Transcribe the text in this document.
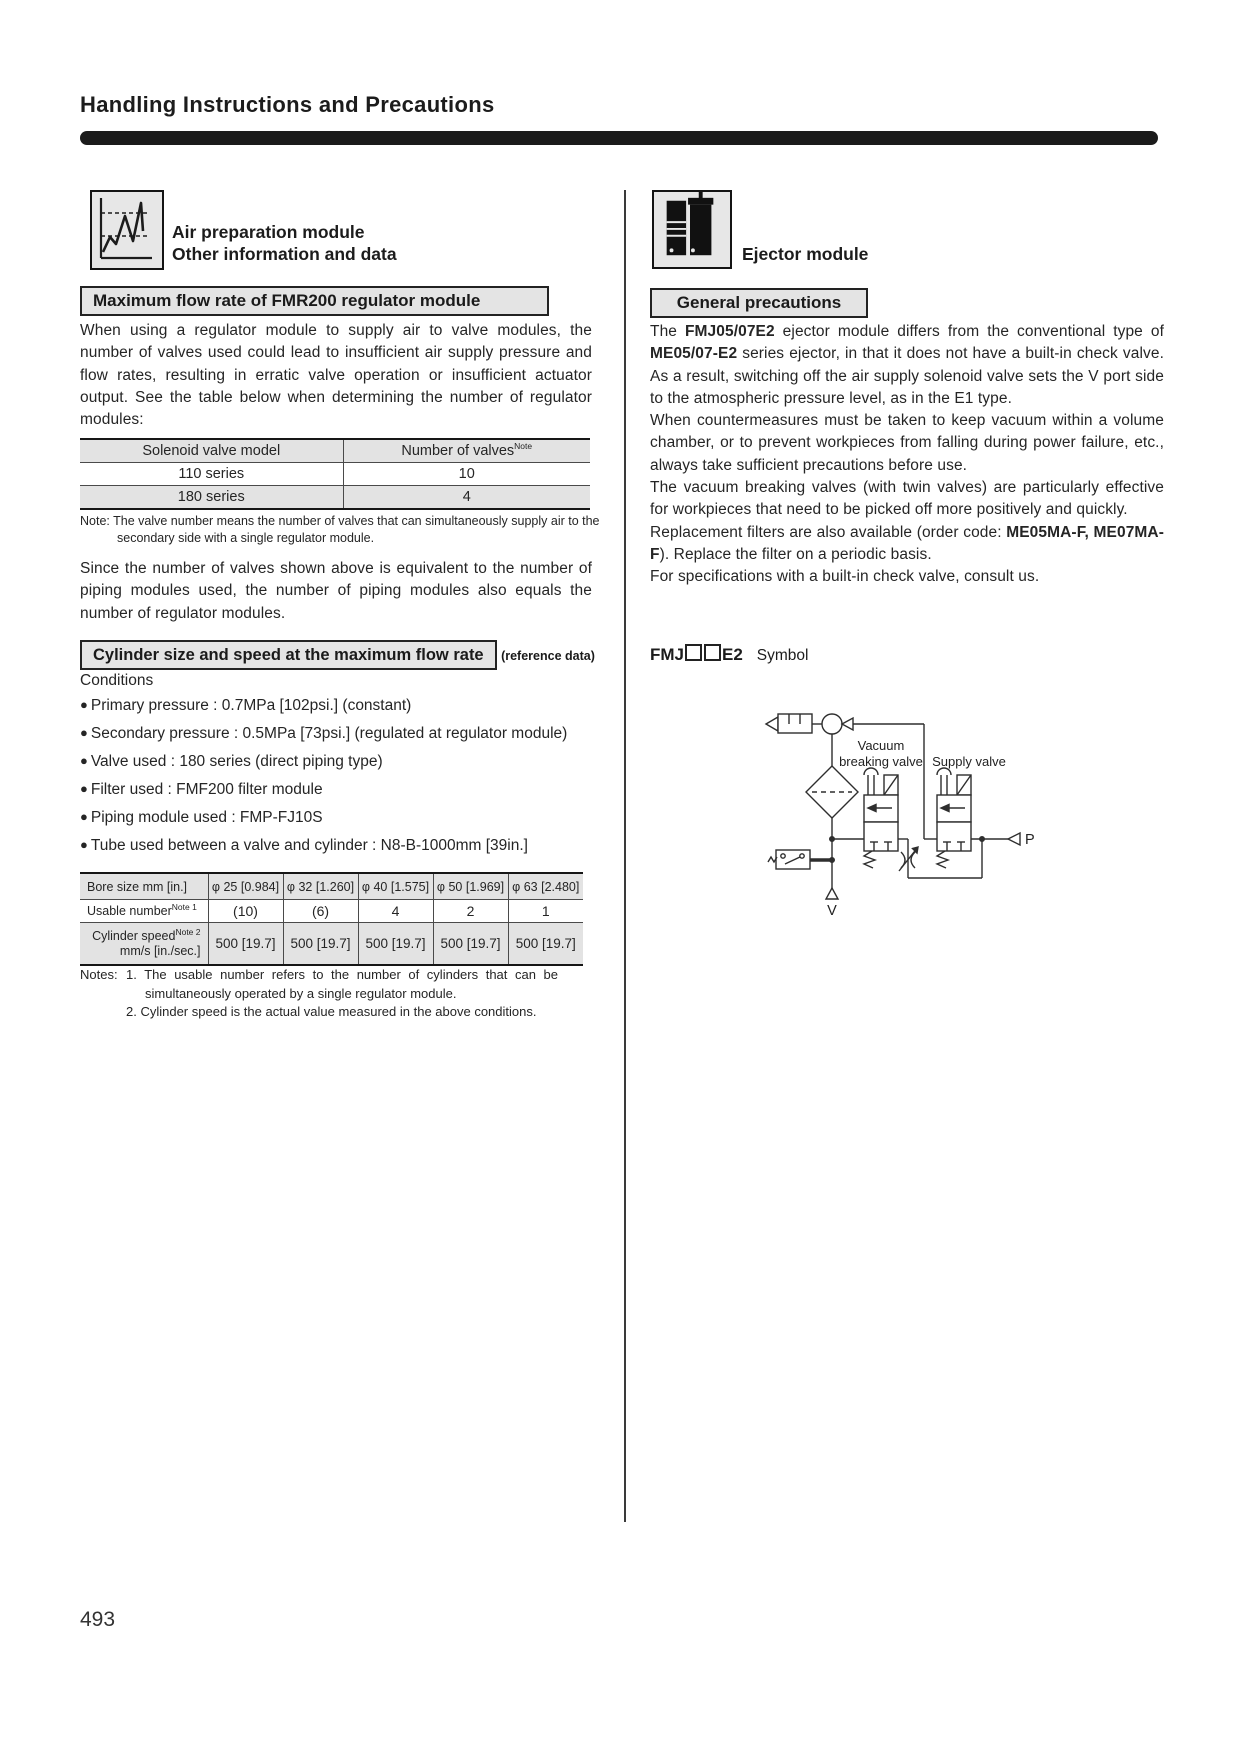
Handling Instructions and Precautions
Air preparation module
Other information and data
Maximum flow rate of FMR200 regulator module
When using a regulator module to supply air to valve modules, the number of valves used could lead to insufficient air supply pressure and flow rates, resulting in erratic valve operation or insufficient actuator output. See the table below when determining the number of regulator modules:
Solenoid valve model	Number of valves$^{Note}$
110 series	10
180 series	4
Note: The valve number means the number of valves that can simultaneously supply air to the secondary side with a single regulator module.
Since the number of valves shown above is equivalent to the number of piping modules used, the number of piping modules also equals the number of regulator modules.
Cylinder size and speed at the maximum flow rate (reference data)
Conditions
● Primary pressure : 0.7MPa [102psi.] (constant)
● Secondary pressure : 0.5MPa [73psi.] (regulated at regulator module)
● Valve used : 180 series (direct piping type)
● Filter used : FMF200 filter module
● Piping module used : FMP-FJ10S
● Tube used between a valve and cylinder : N8-B-1000mm [39in.]
Bore size mm [in.]	φ 25 [0.984]	φ 32 [1.260]	φ 40 [1.575]	φ 50 [1.969]	φ 63 [2.480]
Usable number$^{Note 1}$	(10)	(6)	4	2	1
Cylinder speed$^{Note 2}$
mm/s [in./sec.]	500 [19.7]	500 [19.7]	500 [19.7]	500 [19.7]	500 [19.7]
Notes: 1. The usable number refers to the number of cylinders that can be simultaneously operated by a single regulator module.
2. Cylinder speed is the actual value measured in the above conditions.
Ejector module
General precautions

The FMJ05/07E2 ejector module differs from the conventional type of ME05/07-E2 series ejector, in that it does not have a built-in check valve. As a result, switching off the air supply solenoid valve sets the V port side to the atmospheric pressure level, as in the E1 type.

When countermeasures must be taken to keep vacuum within a volume chamber, or to prevent workpieces from falling during power failure, etc., always take sufficient precautions before use.

The vacuum breaking valves (with twin valves) are particularly effective for workpieces that need to be picked off more positively and quickly.

Replacement filters are also available (order code: ME05MA-F, ME07MA-F). Replace the filter on a periodic basis.

For specifications with a built-in check valve, consult us.

FMJ E2 Symbol
Vacuum
breaking valve Supply valve
V
P
493
